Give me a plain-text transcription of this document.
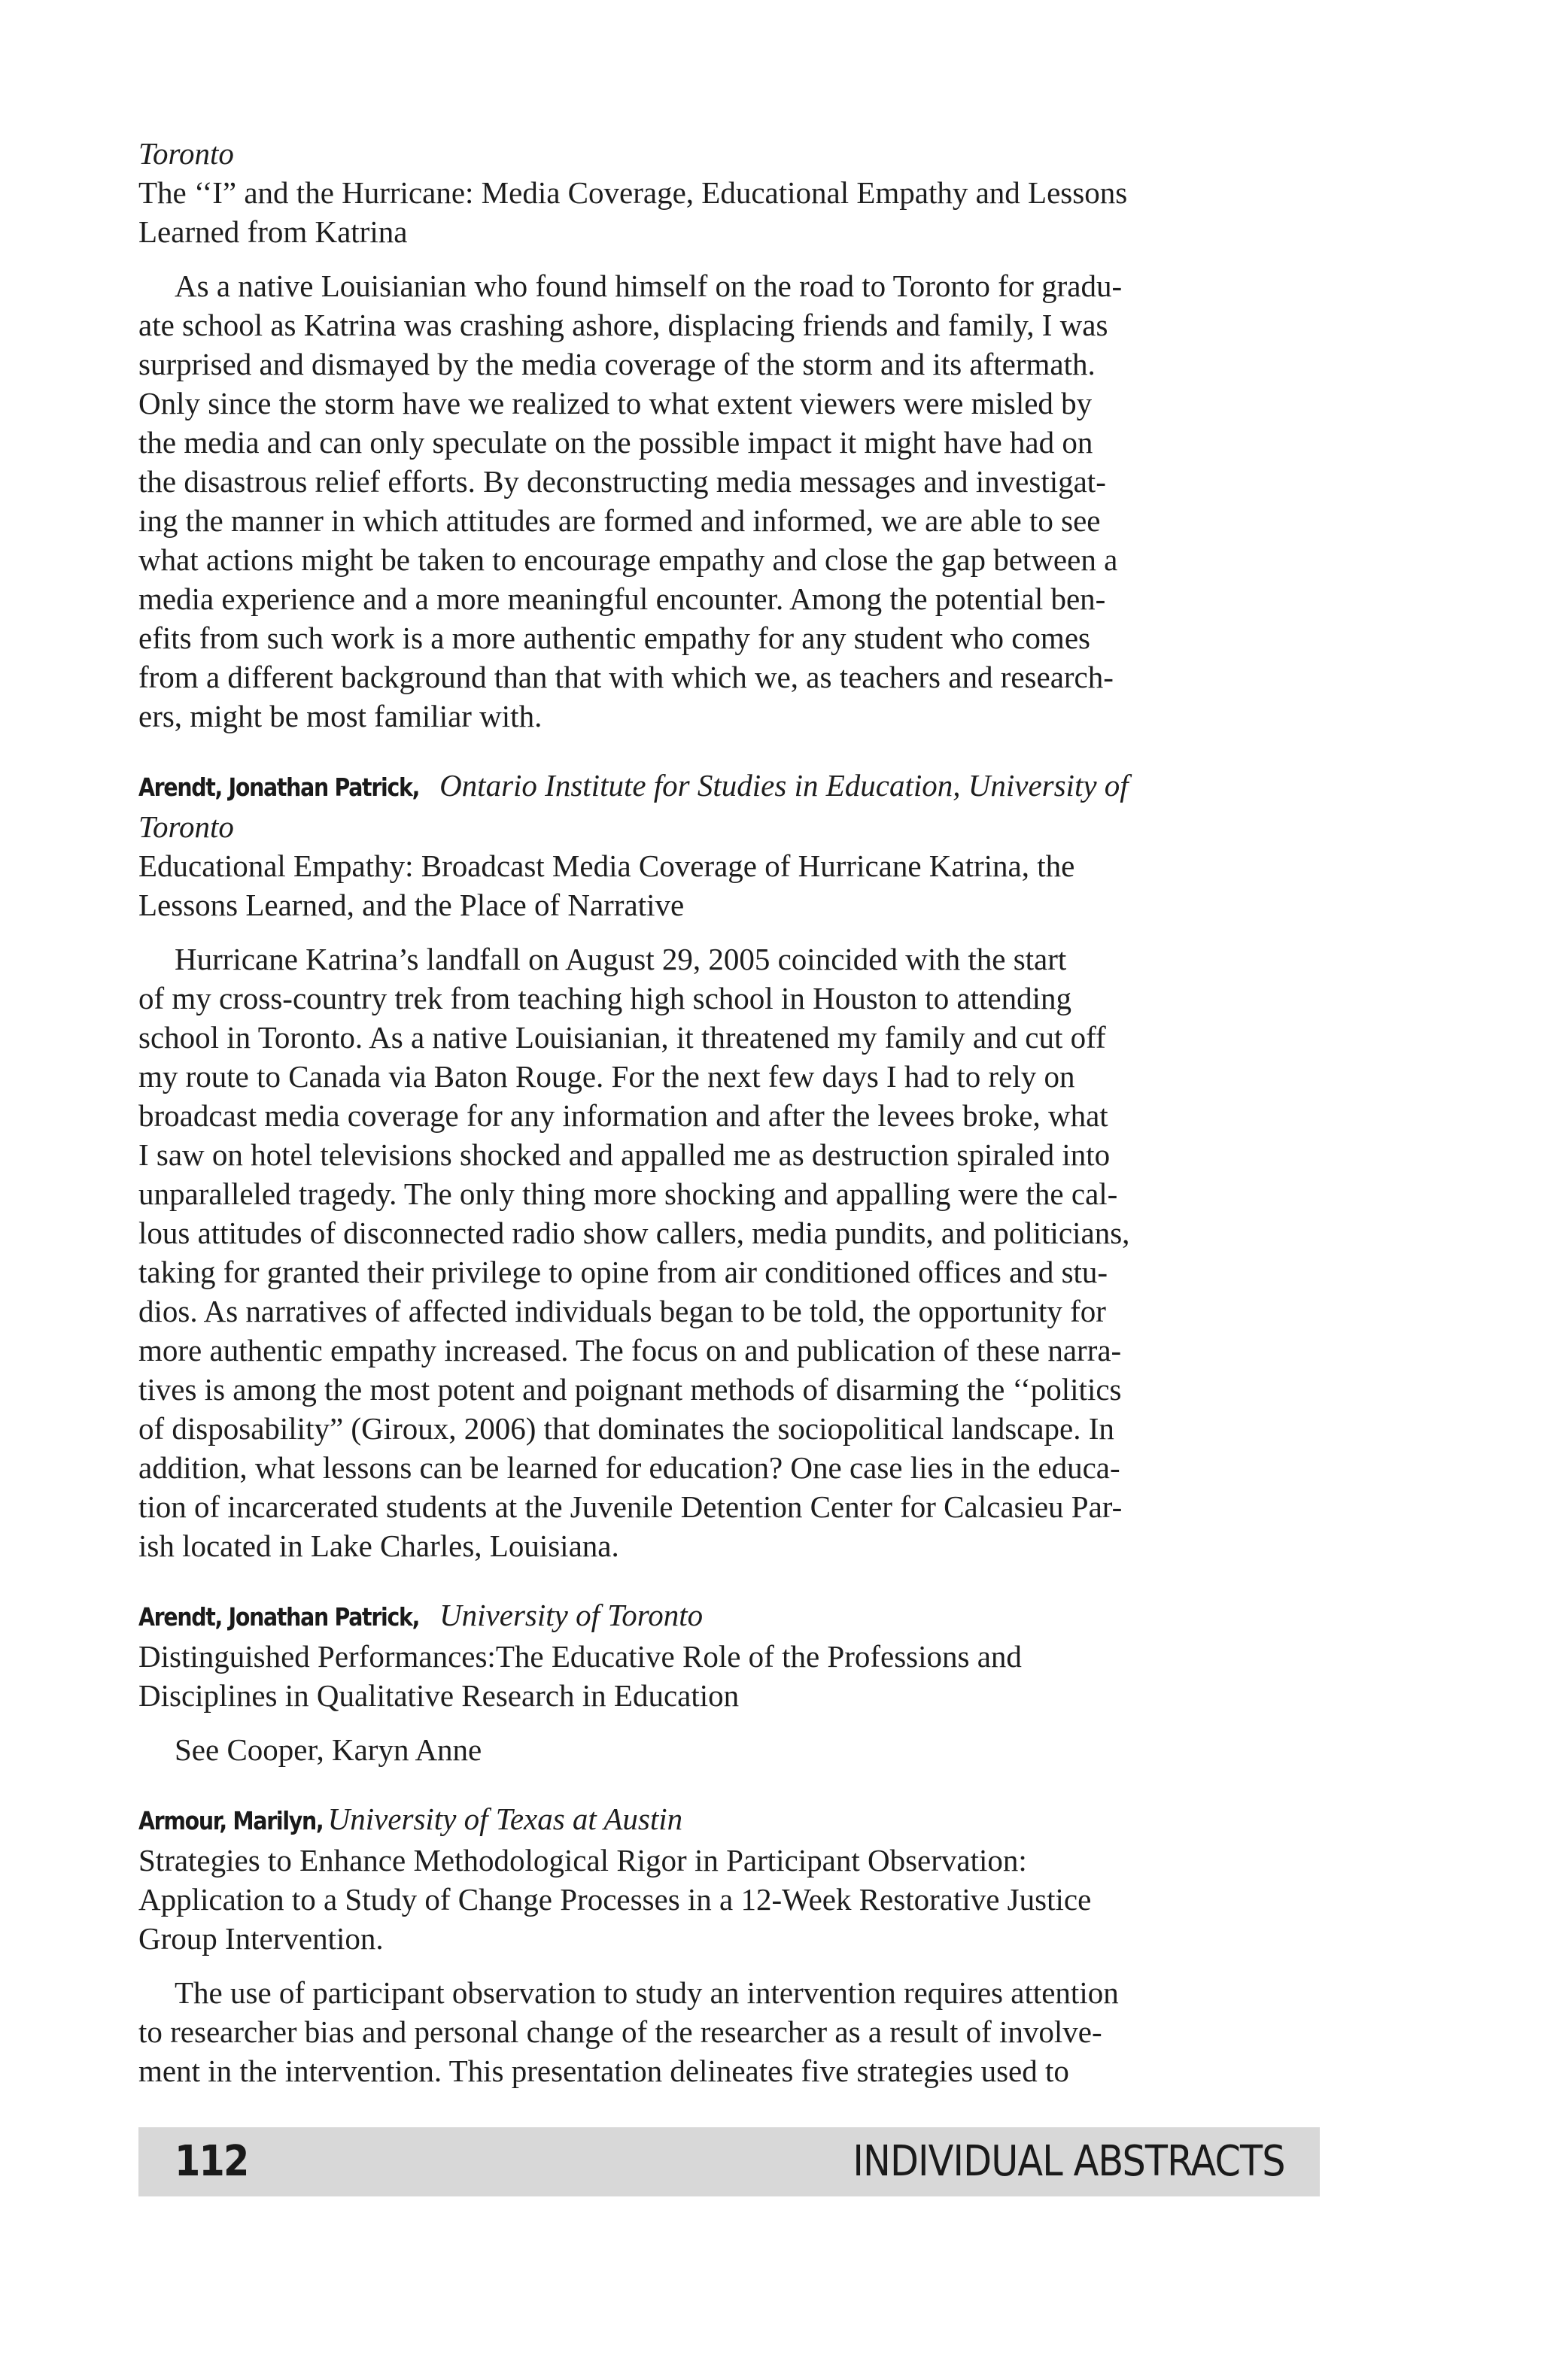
Toronto
The ‘‘I” and the Hurricane: Media Coverage, Educational Empathy and Lessons
Learned from Katrina
As a native Louisianian who found himself on the road to Toronto for gradu-
ate school as Katrina was crashing ashore, displacing friends and family, I was
surprised and dismayed by the media coverage of the storm and its aftermath.
Only since the storm have we realized to what extent viewers were misled by
the media and can only speculate on the possible impact it might have had on
the disastrous relief efforts. By deconstructing media messages and investigat-
ing the manner in which attitudes are formed and informed, we are able to see
what actions might be taken to encourage empathy and close the gap between a
media experience and a more meaningful encounter. Among the potential ben-
efits from such work is a more authentic empathy for any student who comes
from a different background than that with which we, as teachers and research-
ers, might be most familiar with.
Arendt, Jonathan Patrick, Ontario Institute for Studies in Education, University of
Toronto
Educational Empathy: Broadcast Media Coverage of Hurricane Katrina, the
Lessons Learned, and the Place of Narrative
Hurricane Katrina’s landfall on August 29, 2005 coincided with the start
of my cross-country trek from teaching high school in Houston to attending
school in Toronto. As a native Louisianian, it threatened my family and cut off
my route to Canada via Baton Rouge. For the next few days I had to rely on
broadcast media coverage for any information and after the levees broke, what
I saw on hotel televisions shocked and appalled me as destruction spiraled into
unparalleled tragedy. The only thing more shocking and appalling were the cal-
lous attitudes of disconnected radio show callers, media pundits, and politicians,
taking for granted their privilege to opine from air conditioned offices and stu-
dios. As narratives of affected individuals began to be told, the opportunity for
more authentic empathy increased. The focus on and publication of these narra-
tives is among the most potent and poignant methods of disarming the ‘‘politics
of disposability” (Giroux, 2006) that dominates the sociopolitical landscape. In
addition, what lessons can be learned for education? One case lies in the educa-
tion of incarcerated students at the Juvenile Detention Center for Calcasieu Par-
ish located in Lake Charles, Louisiana.
Arendt, Jonathan Patrick, University of Toronto
Distinguished Performances:The Educative Role of the Professions and
Disciplines in Qualitative Research in Education
See Cooper, Karyn Anne
Armour, Marilyn, University of Texas at Austin
Strategies to Enhance Methodological Rigor in Participant Observation:
Application to a Study of Change Processes in a 12-Week Restorative Justice
Group Intervention.
The use of participant observation to study an intervention requires attention
to researcher bias and personal change of the researcher as a result of involve-
ment in the intervention. This presentation delineates five strategies used to
112	INDIVIDUAL ABSTRACTS
